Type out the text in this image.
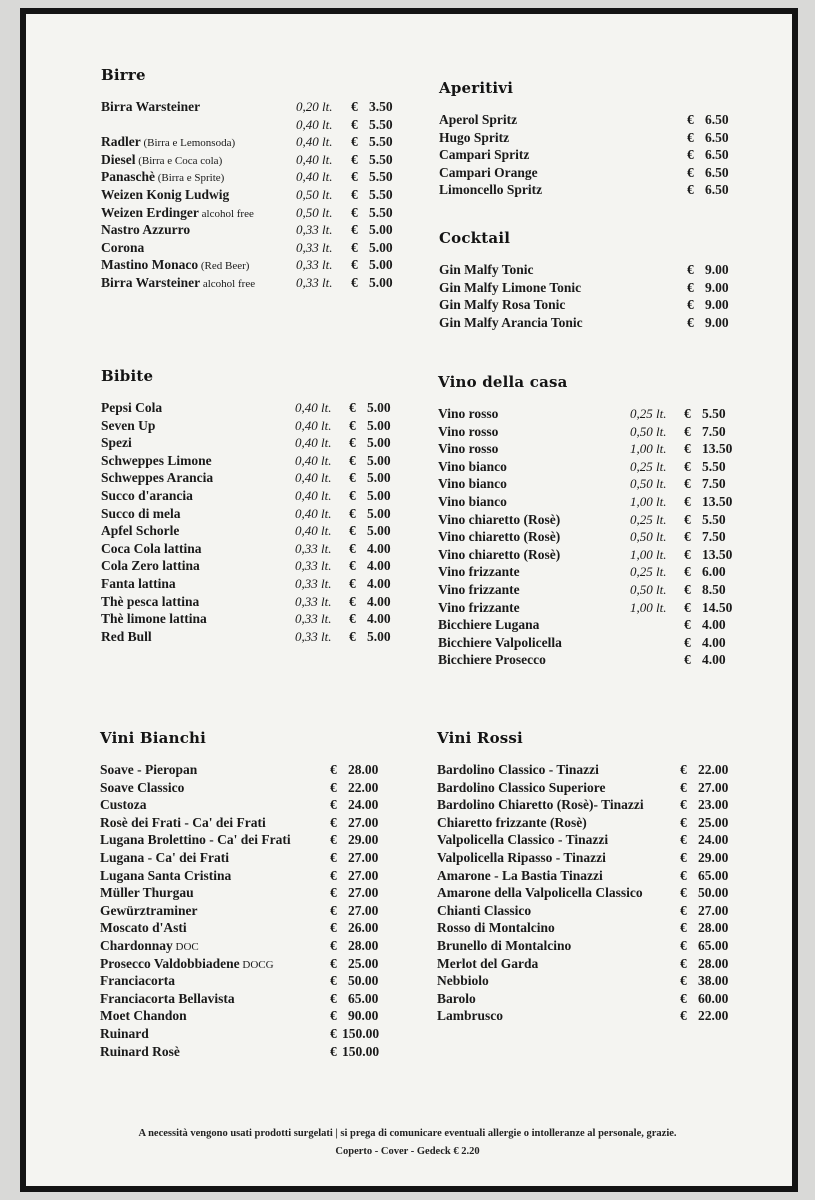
Birre
Birra Warsteiner	0,20 lt. € 3.50
0,40 lt. € 5.50
Radler (Birra e Lemonsoda)	0,40 lt. € 5.50
Diesel (Birra e Coca cola)	0,40 lt. € 5.50
Panaschè (Birra e Sprite)	0,40 lt. € 5.50
Weizen Konig Ludwig	0,50 lt. € 5.50
Weizen Erdinger alcohol free	0,50 lt. € 5.50
Nastro Azzurro	0,33 lt. € 5.00
Corona	0,33 lt. € 5.00
Mastino Monaco (Red Beer)	0,33 lt. € 5.00
Birra Warsteiner alcohol free	0,33 lt. € 5.00
Aperitivi
Aperol Spritz	€ 6.50
Hugo Spritz	€ 6.50
Campari Spritz	€ 6.50
Campari Orange	€ 6.50
Limoncello Spritz	€ 6.50
Cocktail
Gin Malfy Tonic	€ 9.00
Gin Malfy Limone Tonic	€ 9.00
Gin Malfy Rosa Tonic	€ 9.00
Gin Malfy Arancia Tonic	€ 9.00
Bibite
Pepsi Cola	0,40 lt. € 5.00
Seven Up	0,40 lt. € 5.00
Spezi	0,40 lt. € 5.00
Schweppes Limone	0,40 lt. € 5.00
Schweppes Arancia	0,40 lt. € 5.00
Succo d'arancia	0,40 lt. € 5.00
Succo di mela	0,40 lt. € 5.00
Apfel Schorle	0,40 lt. € 5.00
Coca Cola lattina	0,33 lt. € 4.00
Cola Zero lattina	0,33 lt. € 4.00
Fanta lattina	0,33 lt. € 4.00
Thè pesca lattina	0,33 lt. € 4.00
Thè limone lattina	0,33 lt. € 4.00
Red Bull	0,33 lt. € 5.00
Vino della casa
Vino rosso	0,25 lt. € 5.50
Vino rosso	0,50 lt. € 7.50
Vino rosso	1,00 lt. € 13.50
Vino bianco	0,25 lt. € 5.50
Vino bianco	0,50 lt. € 7.50
Vino bianco	1,00 lt. € 13.50
Vino chiaretto (Rosè)	0,25 lt. € 5.50
Vino chiaretto (Rosè)	0,50 lt. € 7.50
Vino chiaretto (Rosè)	1,00 lt. € 13.50
Vino frizzante	0,25 lt. € 6.00
Vino frizzante	0,50 lt. € 8.50
Vino frizzante	1,00 lt. € 14.50
Bicchiere Lugana	€ 4.00
Bicchiere Valpolicella	€ 4.00
Bicchiere Prosecco	€ 4.00
Vini Bianchi
Soave - Pieropan	€ 28.00
Soave Classico	€ 22.00
Custoza	€ 24.00
Rosè dei Frati - Ca' dei Frati	€ 27.00
Lugana Brolettino - Ca' dei Frati	€ 29.00
Lugana - Ca' dei Frati	€ 27.00
Lugana Santa Cristina	€ 27.00
Müller Thurgau	€ 27.00
Gewürztraminer	€ 27.00
Moscato d'Asti	€ 26.00
Chardonnay DOC	€ 28.00
Prosecco Valdobbiadene DOCG	€ 25.00
Franciacorta	€ 50.00
Franciacorta Bellavista	€ 65.00
Moet Chandon	€ 90.00
Ruinard	€ 150.00
Ruinard Rosè	€ 150.00
Vini Rossi
Bardolino Classico - Tinazzi	€ 22.00
Bardolino Classico Superiore	€ 27.00
Bardolino Chiaretto (Rosè)- Tinazzi	€ 23.00
Chiaretto frizzante (Rosè)	€ 25.00
Valpolicella Classico - Tinazzi	€ 24.00
Valpolicella Ripasso - Tinazzi	€ 29.00
Amarone - La Bastia Tinazzi	€ 65.00
Amarone della Valpolicella Classico	€ 50.00
Chianti Classico	€ 27.00
Rosso di Montalcino	€ 28.00
Brunello di Montalcino	€ 65.00
Merlot del Garda	€ 28.00
Nebbiolo	€ 38.00
Barolo	€ 60.00
Lambrusco	€ 22.00
A necessità vengono usati prodotti surgelati | si prega di comunicare eventuali allergie o intolleranze al personale, grazie.
Coperto - Cover - Gedeck € 2.20
